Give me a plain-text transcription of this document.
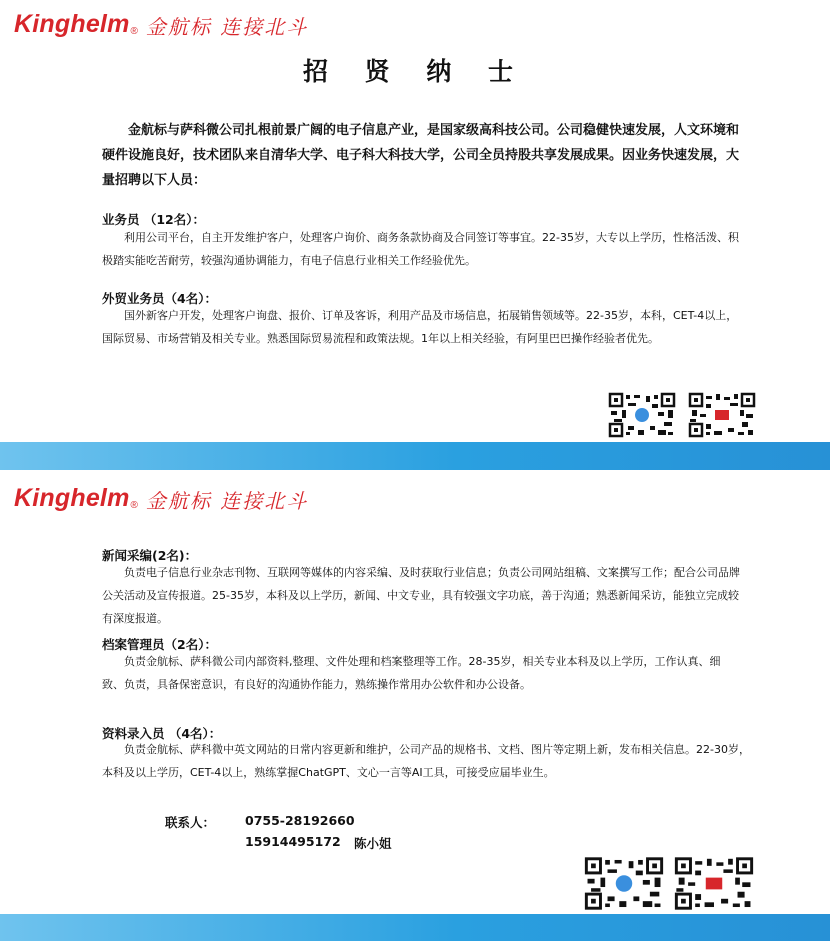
Kinghelm ® 金航标 连接北斗
招 贤 纳 士
金航标与萨科微公司扎根前景广阔的电子信息产业，是国家级高科技公司。公司稳健快速发展，人文环境和硬件设施良好，技术团队来自清华大学、电子科大科技大学，公司全员持股共享发展成果。因业务快速发展，大量招聘以下人员：
业务员 （12名）：
利用公司平台，自主开发维护客户，处理客户询价、商务条款协商及合同签订等事宜。22-35岁，大专以上学历，性格活泼、积极踏实能吃苦耐劳，较强沟通协调能力，有电子信息行业相关工作经验优先。
外贸业务员（4名）：
国外新客户开发，处理客户询盘、报价、订单及客诉，利用产品及市场信息，拓展销售领域等。22-35岁，本科，CET-4以上，国际贸易、市场营销及相关专业。熟悉国际贸易流程和政策法规。1年以上相关经验，有阿里巴巴操作经验者优先。
Kinghelm ® 金航标 连接北斗
新闻采编(2名)：
负责电子信息行业杂志刊物、互联网等媒体的内容采编、及时获取行业信息；负责公司网站组稿、文案撰写工作；配合公司品牌公关活动及宣传报道。25-35岁，本科及以上学历，新闻、中文专业，具有较强文字功底，善于沟通；熟悉新闻采访，能独立完成较有深度报道。
档案管理员（2名）：
负责金航标、萨科微公司内部资料,整理、文件处理和档案整理等工作。28-35岁，相关专业本科及以上学历，工作认真、细致、负责，具备保密意识，有良好的沟通协作能力，熟练操作常用办公软件和办公设备。
资料录入员 （4名）：
负责金航标、萨科微中英文网站的日常内容更新和维护，公司产品的规格书、文档、图片等定期上新，发布相关信息。22-30岁，本科及以上学历，CET-4以上，熟练掌握ChatGPT、文心一言等AI工具，可接受应届毕业生。
联系人： 0755-28192660
15914495172 陈小姐
